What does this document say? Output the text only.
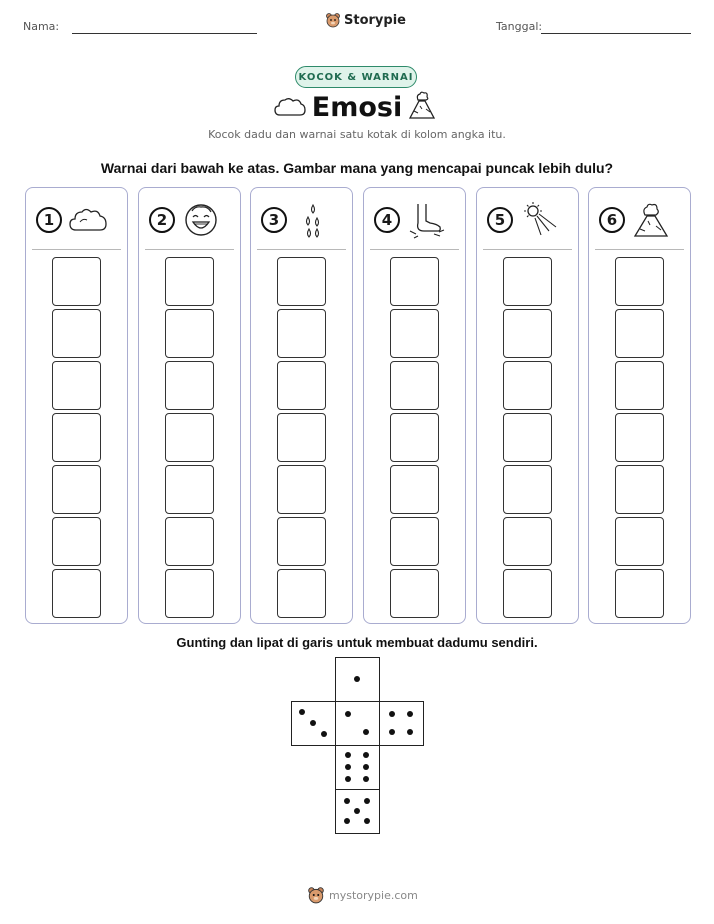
Nama:	Storypie	Tanggal:
KOCOK & WARNAI
Emosi
Kocok dadu dan warnai satu kotak di kolom angka itu.
Warnai dari bawah ke atas. Gambar mana yang mencapai puncak lebih dulu?
1	2	3	4	5	6
Gunting dan lipat di garis untuk membuat dadumu sendiri.
mystorypie.com
